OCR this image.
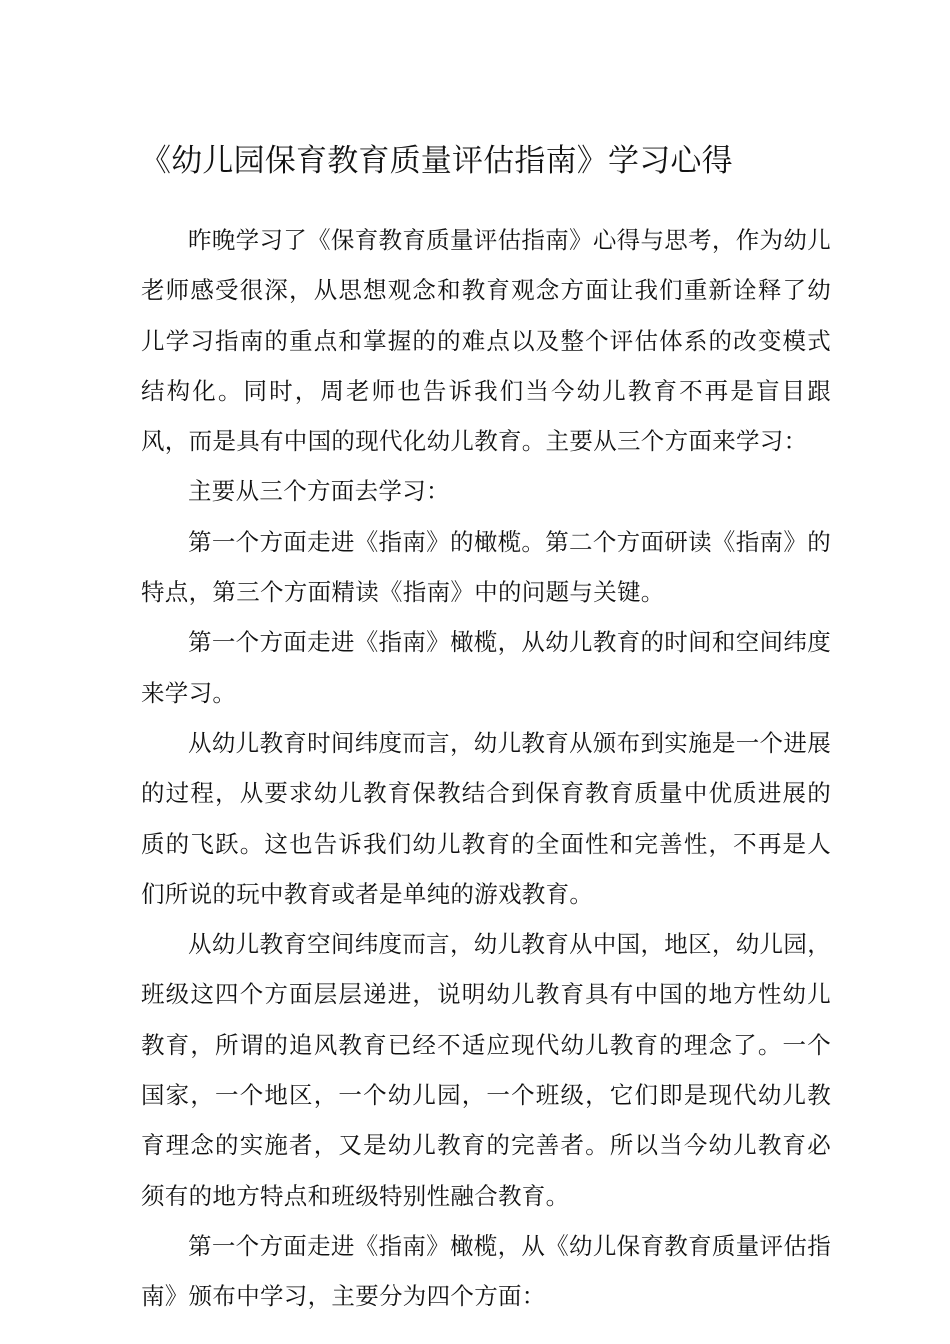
《幼儿园保育教育质量评估指南》学习心得

昨晚学习了《保育教育质量评估指南》心得与思考，作为幼儿老师感受很深，从思想观念和教育观念方面让我们重新诠释了幼儿学习指南的重点和掌握的的难点以及整个评估体系的改变模式结构化。同时，周老师也告诉我们当今幼儿教育不再是盲目跟风，而是具有中国的现代化幼儿教育。主要从三个方面来学习：

主要从三个方面去学习：

第一个方面走进《指南》的橄榄。第二个方面研读《指南》的特点，第三个方面精读《指南》中的问题与关键。

第一个方面走进《指南》橄榄，从幼儿教育的时间和空间纬度来学习。

从幼儿教育时间纬度而言，幼儿教育从颁布到实施是一个进展的过程，从要求幼儿教育保教结合到保育教育质量中优质进展的质的飞跃。这也告诉我们幼儿教育的全面性和完善性，不再是人们所说的玩中教育或者是单纯的游戏教育。

从幼儿教育空间纬度而言，幼儿教育从中国，地区，幼儿园，班级这四个方面层层递进，说明幼儿教育具有中国的地方性幼儿教育，所谓的追风教育已经不适应现代幼儿教育的理念了。一个国家，一个地区，一个幼儿园，一个班级，它们即是现代幼儿教育理念的实施者，又是幼儿教育的完善者。所以当今幼儿教育必须有的地方特点和班级特别性融合教育。

第一个方面走进《指南》橄榄，从《幼儿保育教育质量评估指南》颁布中学习，主要分为四个方面：
